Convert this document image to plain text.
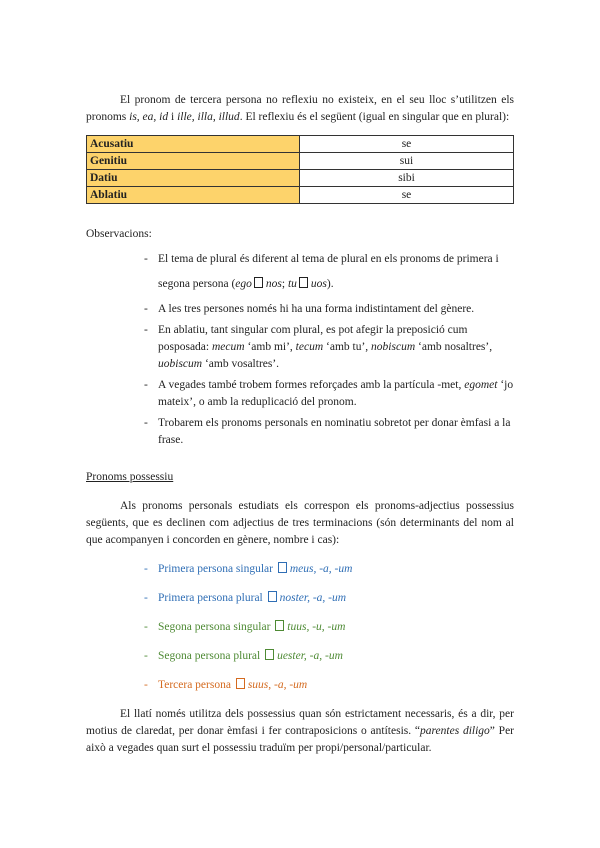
El pronom de tercera persona no reflexiu no existeix, en el seu lloc s’utilitzen els pronoms is, ea, id i ille, illa, illud. El reflexiu és el següent (igual en singular que en plural):

Acusatiu	se
Genitiu	sui
Datiu	sibi
Ablatiu	se

Observacions:

- El tema de plural és diferent al tema de plural en els pronoms de primera i segona persona (ego nos; tu uos).
- A les tres persones només hi ha una forma indistintament del gènere.
- En ablatiu, tant singular com plural, es pot afegir la preposició cum posposada: mecum ‘amb mi’, tecum ‘amb tu’, nobiscum ‘amb nosaltres’, uobiscum ‘amb vosaltres’.
- A vegades també trobem formes reforçades amb la partícula -met, egomet ‘jo mateix’, o amb la reduplicació del pronom.
- Trobarem els pronoms personals en nominatiu sobretot per donar èmfasi a la frase.

Pronoms possessiu

Als pronoms personals estudiats els correspon els pronoms-adjectius possessius següents, que es declinen com adjectius de tres terminacions (són determinants del nom al que acompanyen i concorden en gènere, nombre i cas):

- Primera persona singular meus, -a, -um
- Primera persona plural noster, -a, -um
- Segona persona singular tuus, -u, -um
- Segona persona plural uester, -a, -um
- Tercera persona suus, -a, -um

El llatí només utilitza dels possessius quan són estrictament necessaris, és a dir, per motius de claredat, per donar èmfasi i fer contraposicions o antítesis. “parentes diligo” Per això a vegades quan surt el possessiu traduïm per propi/personal/particular.
